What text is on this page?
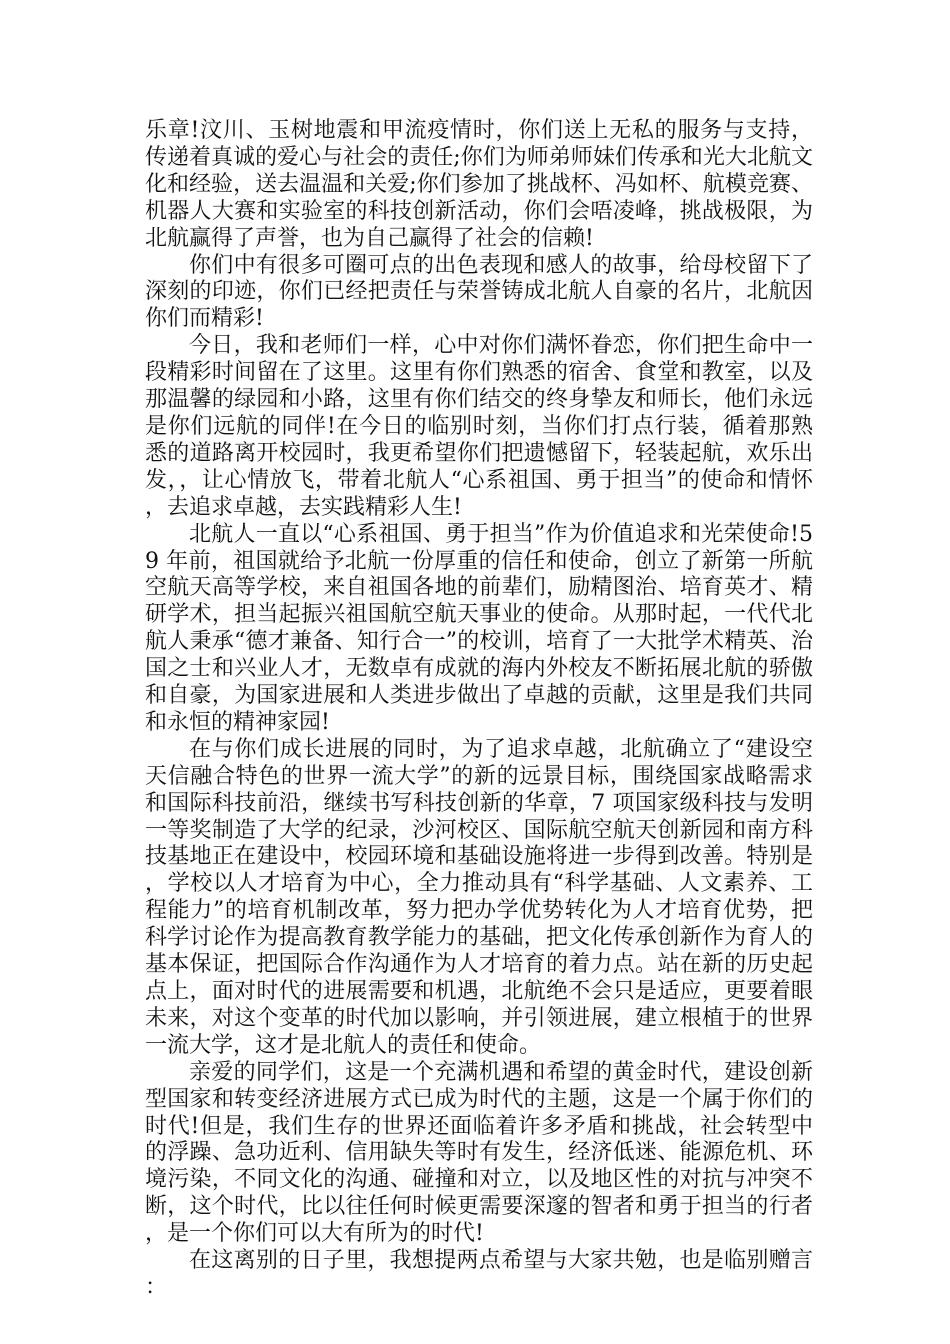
乐章!汶川、玉树地震和甲流疫情时，你们送上无私的服务与支持，传递着真诚的爱心与社会的责任;你们为师弟师妹们传承和光大北航文化和经验，送去温温和关爱;你们参加了挑战杯、冯如杯、航模竞赛、机器人大赛和实验室的科技创新活动，你们会唔凌峰，挑战极限，为北航赢得了声誉，也为自己赢得了社会的信赖!

你们中有很多可圈可点的出色表现和感人的故事，给母校留下了深刻的印迹，你们已经把责任与荣誉铸成北航人自豪的名片，北航因你们而精彩!

今日，我和老师们一样，心中对你们满怀眷恋，你们把生命中一段精彩时间留在了这里。这里有你们熟悉的宿舍、食堂和教室，以及那温馨的绿园和小路，这里有你们结交的终身挚友和师长，他们永远是你们远航的同伴!在今日的临别时刻，当你们打点行装，循着那熟悉的道路离开校园时，我更希望你们把遗憾留下，轻装起航，欢乐出发，，让心情放飞，带着北航人“心系祖国、勇于担当”的使命和情怀，去追求卓越，去实践精彩人生!

北航人一直以“心系祖国、勇于担当”作为价值追求和光荣使命!59 年前，祖国就给予北航一份厚重的信任和使命，创立了新第一所航空航天高等学校，来自祖国各地的前辈们，励精图治、培育英才、精研学术，担当起振兴祖国航空航天事业的使命。从那时起，一代代北航人秉承“德才兼备、知行合一”的校训，培育了一大批学术精英、治国之士和兴业人才，无数卓有成就的海内外校友不断拓展北航的骄傲和自豪，为国家进展和人类进步做出了卓越的贡献，这里是我们共同和永恒的精神家园!

在与你们成长进展的同时，为了追求卓越，北航确立了“建设空天信融合特色的世界一流大学”的新的远景目标，围绕国家战略需求和国际科技前沿，继续书写科技创新的华章，7 项国家级科技与发明一等奖制造了大学的纪录，沙河校区、国际航空航天创新园和南方科技基地正在建设中，校园环境和基础设施将进一步得到改善。特别是，学校以人才培育为中心，全力推动具有“科学基础、人文素养、工程能力”的培育机制改革，努力把办学优势转化为人才培育优势，把科学讨论作为提高教育教学能力的基础，把文化传承创新作为育人的基本保证，把国际合作沟通作为人才培育的着力点。站在新的历史起点上，面对时代的进展需要和机遇，北航绝不会只是适应，更要着眼未来，对这个变革的时代加以影响，并引领进展，建立根植于的世界一流大学，这才是北航人的责任和使命。

亲爱的同学们，这是一个充满机遇和希望的黄金时代，建设创新型国家和转变经济进展方式已成为时代的主题，这是一个属于你们的时代!但是，我们生存的世界还面临着许多矛盾和挑战，社会转型中的浮躁、急功近利、信用缺失等时有发生，经济低迷、能源危机、环境污染，不同文化的沟通、碰撞和对立，以及地区性的对抗与冲突不断，这个时代，比以往任何时候更需要深邃的智者和勇于担当的行者，是一个你们可以大有所为的时代!

在这离别的日子里，我想提两点希望与大家共勉，也是临别赠言：
